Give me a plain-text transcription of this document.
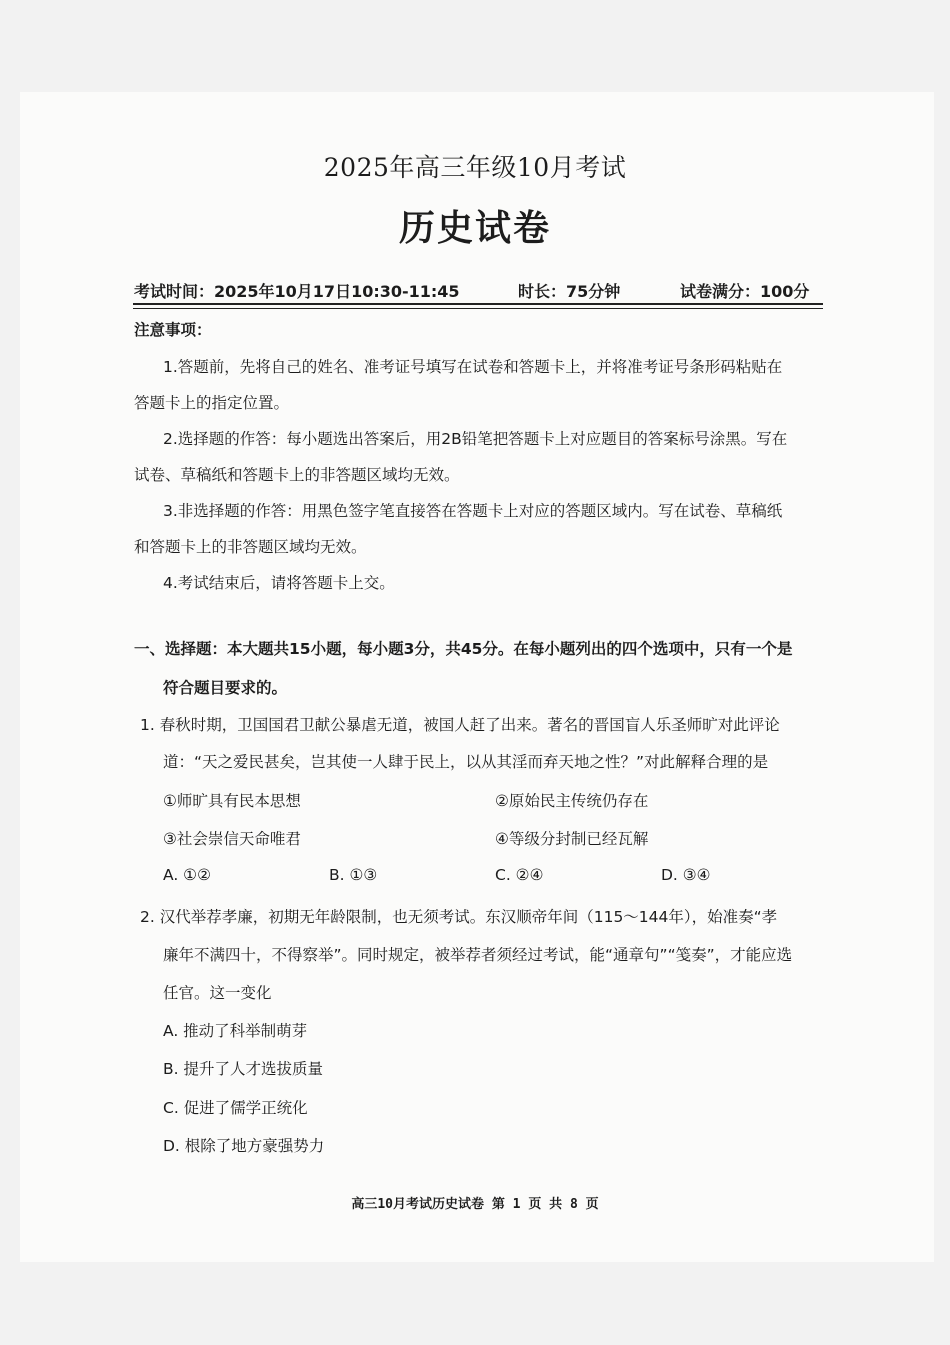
2025年高三年级10月考试
历史试卷
考试时间：2025年10月17日10:30-11:45	时长：75分钟	试卷满分：100分
注意事项：
1.答题前，先将自己的姓名、准考证号填写在试卷和答题卡上，并将准考证号条形码粘贴在
答题卡上的指定位置。
2.选择题的作答：每小题选出答案后，用2B铅笔把答题卡上对应题目的答案标号涂黑。写在
试卷、草稿纸和答题卡上的非答题区域均无效。
3.非选择题的作答：用黑色签字笔直接答在答题卡上对应的答题区域内。写在试卷、草稿纸
和答题卡上的非答题区域均无效。
4.考试结束后，请将答题卡上交。
一、选择题：本大题共15小题，每小题3分，共45分。在每小题列出的四个选项中，只有一个是
符合题目要求的。
1. 春秋时期，卫国国君卫献公暴虐无道，被国人赶了出来。著名的晋国盲人乐圣师旷对此评论
道：“天之爱民甚矣，岂其使一人肆于民上，以从其淫而弃天地之性？”对此解释合理的是
①师旷具有民本思想	②原始民主传统仍存在
③社会崇信天命唯君	④等级分封制已经瓦解
A. ①②	B. ①③	C. ②④	D. ③④
2. 汉代举荐孝廉，初期无年龄限制，也无须考试。东汉顺帝年间（115～144年），始准奏“孝
廉年不满四十，不得察举”。同时规定，被举荐者须经过考试，能“通章句”“笺奏”，才能应选
任官。这一变化
A. 推动了科举制萌芽
B. 提升了人才选拔质量
C. 促进了儒学正统化
D. 根除了地方豪强势力
高三10月考试历史试卷 第 1 页 共 8 页
